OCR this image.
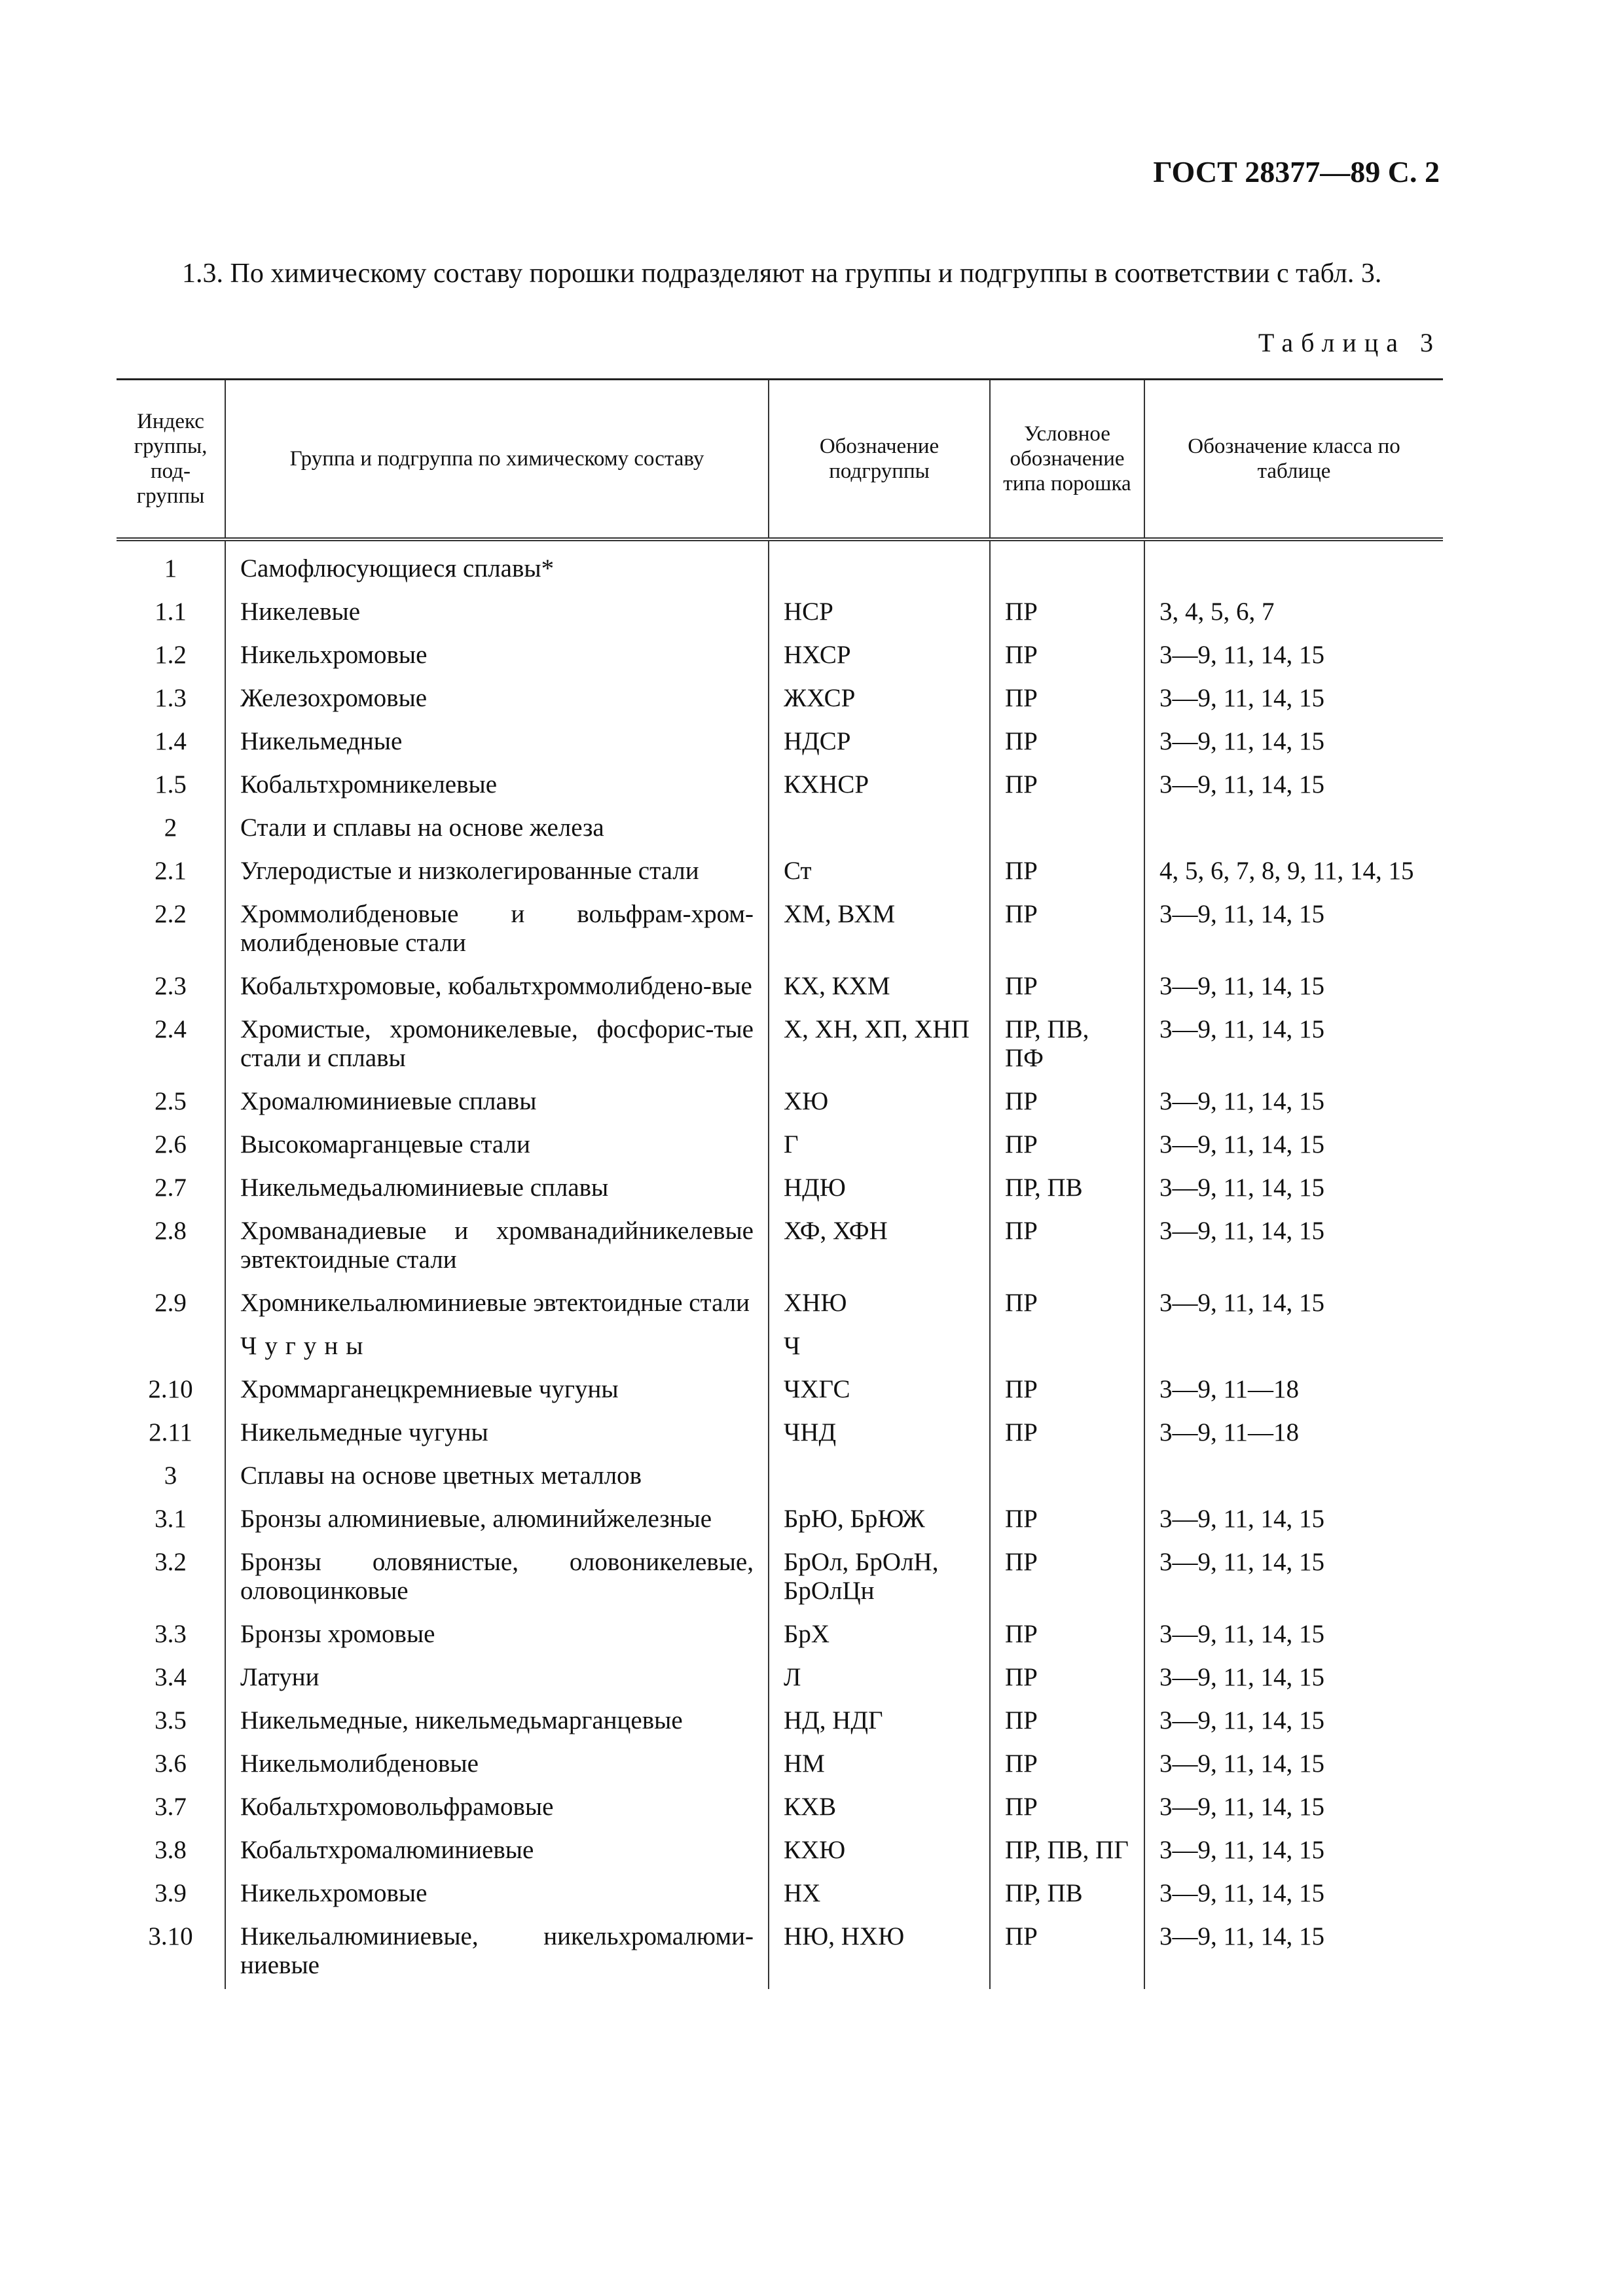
ГОСТ 28377—89 С. 2

1.3. По химическому составу порошки подразделяют на группы и подгруппы в соответствии с табл. 3.

Таблица 3
Индекс группы, под-группы	Группа и подгруппа по химическому составу	Обозначение подгруппы	Условное обозначение типа порошка	Обозначение класса по таблице
1	Самофлюсующиеся сплавы*			
1.1	Никелевые	НСР	ПР	3, 4, 5, 6, 7
1.2	Никельхромовые	НХСР	ПР	3—9, 11, 14, 15
1.3	Железохромовые	ЖХСР	ПР	3—9, 11, 14, 15
1.4	Никельмедные	НДСР	ПР	3—9, 11, 14, 15
1.5	Кобальтхромникелевые	КХНСР	ПР	3—9, 11, 14, 15
2	Стали и сплавы на основе железа			
2.1	Углеродистые и низколегированные стали	Ст	ПР	4, 5, 6, 7, 8, 9, 11, 14, 15
2.2	Хроммолибденовые и вольфрам-хром-молибденовые стали	ХМ, ВХМ	ПР	3—9, 11, 14, 15
2.3	Кобальтхромовые, кобальтхроммолибдено-вые	КХ, КХМ	ПР	3—9, 11, 14, 15
2.4	Хромистые, хромоникелевые, фосфорис-тые стали и сплавы	Х, ХН, ХП, ХНП	ПР, ПВ, ПФ	3—9, 11, 14, 15
2.5	Хромалюминиевые сплавы	ХЮ	ПР	3—9, 11, 14, 15
2.6	Высокомарганцевые стали	Г	ПР	3—9, 11, 14, 15
2.7	Никельмедьалюминиевые сплавы	НДЮ	ПР, ПВ	3—9, 11, 14, 15
2.8	Хромванадиевые и хромванадийникелевые эвтектоидные стали	ХФ, ХФН	ПР	3—9, 11, 14, 15
2.9	Хромникельалюминиевые эвтектоидные стали	ХНЮ	ПР	3—9, 11, 14, 15
	Чугуны	Ч		
2.10	Хроммарганецкремниевые чугуны	ЧХГС	ПР	3—9, 11—18
2.11	Никельмедные чугуны	ЧНД	ПР	3—9, 11—18
3	Сплавы на основе цветных металлов			
3.1	Бронзы алюминиевые, алюминийжелезные	БрЮ, БрЮЖ	ПР	3—9, 11, 14, 15
3.2	Бронзы оловянистые, оловоникелевые, оловоцинковые	БрОл, БрОлН, БрОлЦн	ПР	3—9, 11, 14, 15
3.3	Бронзы хромовые	БрХ	ПР	3—9, 11, 14, 15
3.4	Латуни	Л	ПР	3—9, 11, 14, 15
3.5	Никельмедные, никельмедьмарганцевые	НД, НДГ	ПР	3—9, 11, 14, 15
3.6	Никельмолибденовые	НМ	ПР	3—9, 11, 14, 15
3.7	Кобальтхромовольфрамовые	КХВ	ПР	3—9, 11, 14, 15
3.8	Кобальтхромалюминиевые	КХЮ	ПР, ПВ, ПГ	3—9, 11, 14, 15
3.9	Никельхромовые	НХ	ПР, ПВ	3—9, 11, 14, 15
3.10	Никельалюминиевые, никельхромалюми-ниевые	НЮ, НХЮ	ПР	3—9, 11, 14, 15
